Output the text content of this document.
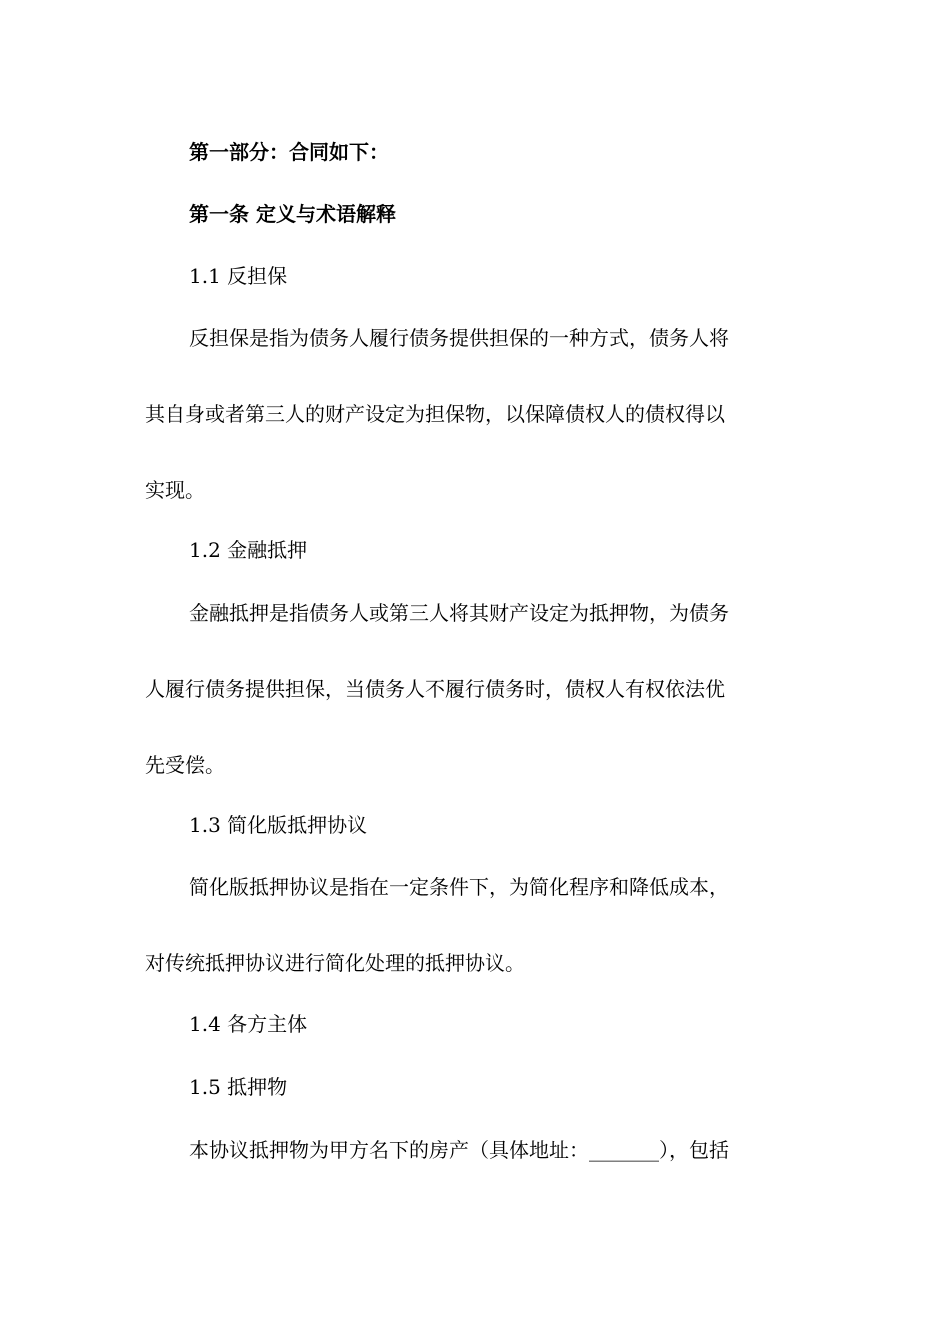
第一部分：合同如下：
第一条 定义与术语解释
1.1 反担保
反担保是指为债务人履行债务提供担保的一种方式，债务人将
其自身或者第三人的财产设定为担保物，以保障债权人的债权得以
实现。
1.2 金融抵押
金融抵押是指债务人或第三人将其财产设定为抵押物，为债务
人履行债务提供担保，当债务人不履行债务时，债权人有权依法优
先受偿。
1.3 简化版抵押协议
简化版抵押协议是指在一定条件下，为简化程序和降低成本，
对传统抵押协议进行简化处理的抵押协议。
1.4 各方主体
1.5 抵押物
本协议抵押物为甲方名下的房产（具体地址：_______），包括
